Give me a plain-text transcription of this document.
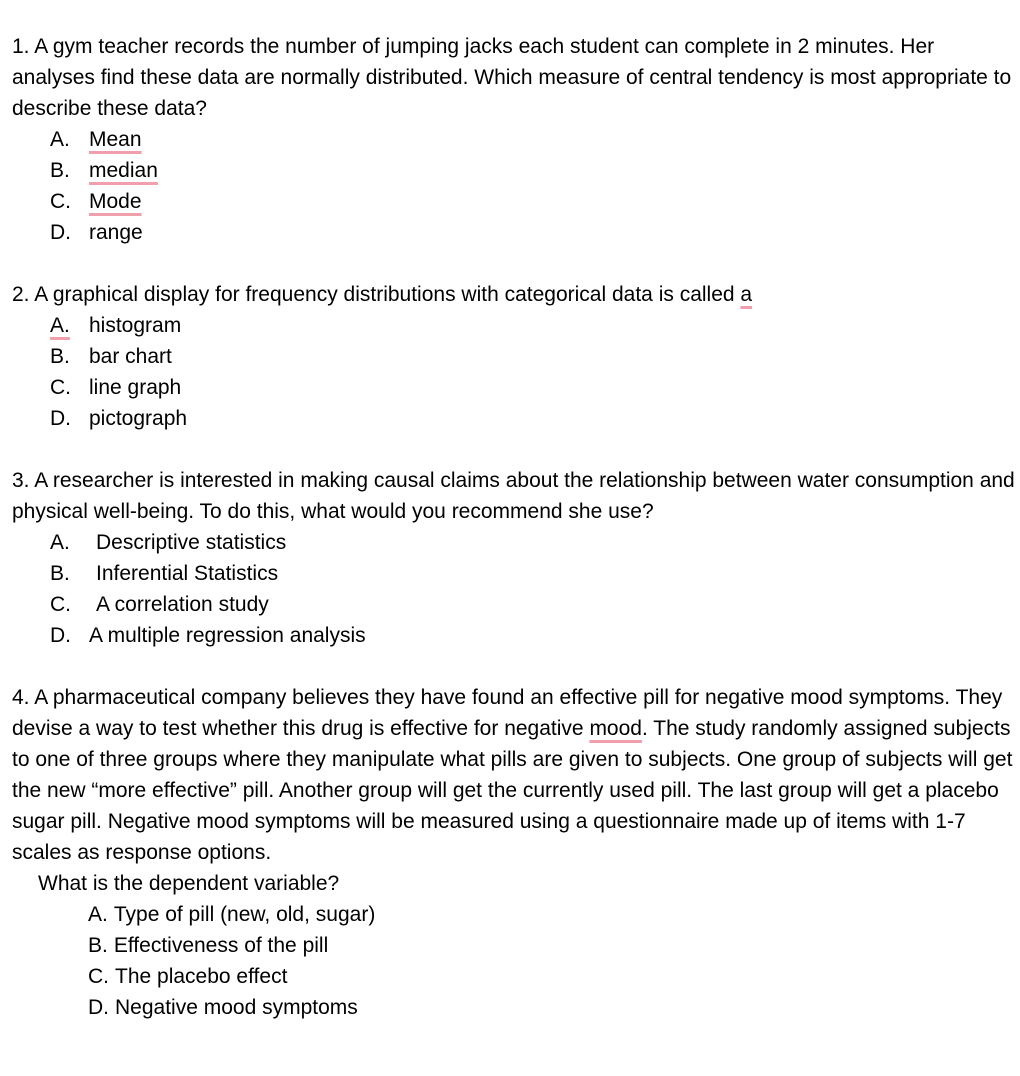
1. A gym teacher records the number of jumping jacks each student can complete in 2 minutes. Her analyses find these data are normally distributed. Which measure of central tendency is most appropriate to describe these data?

A. Mean
B. median
C. Mode
D. range

2. A graphical display for frequency distributions with categorical data is called a

A. histogram
B. bar chart
C. line graph
D. pictograph

3. A researcher is interested in making causal claims about the relationship between water consumption and physical well-being. To do this, what would you recommend she use?

A. Descriptive statistics
B. Inferential Statistics
C. A correlation study
D. A multiple regression analysis

4. A pharmaceutical company believes they have found an effective pill for negative mood symptoms. They devise a way to test whether this drug is effective for negative mood. The study randomly assigned subjects to one of three groups where they manipulate what pills are given to subjects. One group of subjects will get the new “more effective” pill. Another group will get the currently used pill. The last group will get a placebo sugar pill. Negative mood symptoms will be measured using a questionnaire made up of items with 1-7 scales as response options.

What is the dependent variable?

A. Type of pill (new, old, sugar)
B. Effectiveness of the pill
C. The placebo effect
D. Negative mood symptoms
